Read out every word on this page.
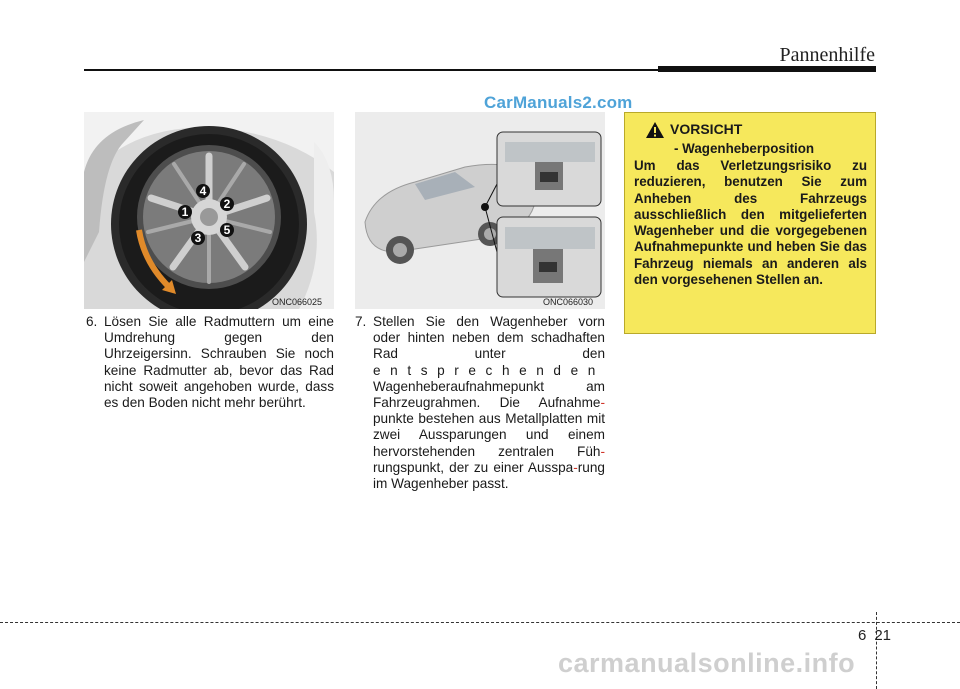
Pannenhilfe
CarManuals2.com
4
2
1
5
3
ONC066025	ONC066030
6. Lösen Sie alle Radmuttern um eine Umdrehung gegen den Uhrzeigersinn. Schrauben Sie noch keine Radmutter ab, bevor das Rad nicht soweit angehoben wurde, dass es den Boden nicht mehr berührt.
7. Stellen Sie den Wagenheber vorn oder hinten neben dem schadhaften Rad unter den entsprechenden Wagenheberaufnahmepunkt am Fahrzeugrahmen. Die Aufnahme-punkte bestehen aus Metallplatten mit zwei Aussparungen und einem hervorstehenden zentralen Füh-rungspunkt, der zu einer Ausspa-rung im Wagenheber passt.
VORSICHT
- Wagenheberposition
Um das Verletzungsrisiko zu reduzieren, benutzen Sie zum Anheben des Fahrzeugs ausschließlich den mitgelieferten Wagenheber und die vorgegebenen Aufnahmepunkte und heben Sie das Fahrzeug niemals an anderen als den vorgesehenen Stellen an.
6 21
carmanualsonline.info
